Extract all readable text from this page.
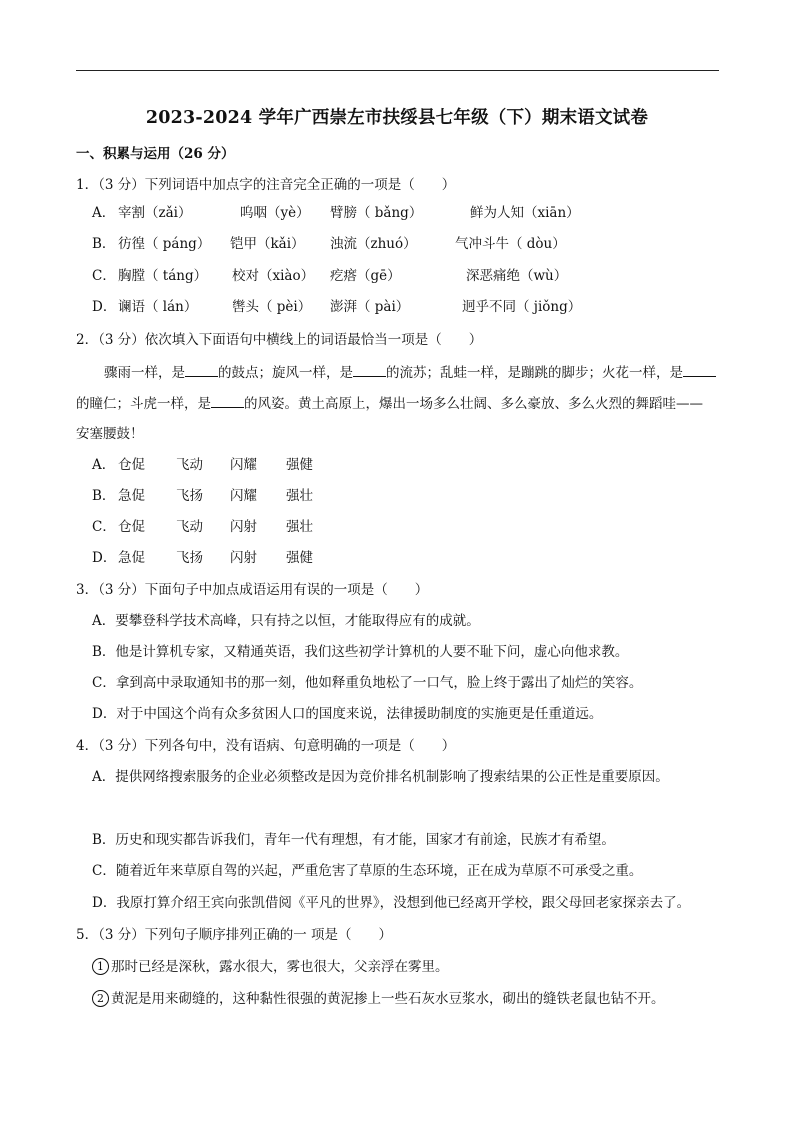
2023-2024 学年广西崇左市扶绥县七年级（下）期末语文试卷
一、积累与运用（26 分）
1．（3 分）下列词语中加点字的注音完全正确的一项是（　　）
A． 宰割（zǎi）	呜咽（yè） 臂膀（ bǎng）	鲜为人知（xiān）
B． 彷徨（ páng） 铠甲（kǎi） 浊流（zhuó）	气冲斗牛（ dòu）
C． 胸膛（ táng） 校对（xiào） 疙瘩（gē）	深恶痛绝（wù）
D． 谰语（ lán）	辔头（ pèi） 澎湃（ pài）	迥乎不同（ jiǒng）
2．（3 分）依次填入下面语句中横线上的词语最恰当一项是（　　）
骤雨一样，是 的鼓点；旋风一样，是 的流苏；乱蛙一样，是蹦跳的脚步；火花一样，是
的瞳仁；斗虎一样，是 的风姿。黄土高原上，爆出一场多么壮阔、多么豪放、多么火烈的舞蹈哇——
安塞腰鼓！
A． 仓促 飞动 闪耀 强健
B． 急促 飞扬 闪耀 强壮
C． 仓促 飞动 闪射 强壮
D． 急促 飞扬 闪射 强健
3．（3 分）下面句子中加点成语运用有误的一项是（　　）
A．要攀登科学技术高峰，只有持之以恒，才能取得应有的成就。
B．他是计算机专家，又精通英语，我们这些初学计算机的人要不耻下问，虚心向他求教。
C．拿到高中录取通知书的那一刻，他如释重负地松了一口气，脸上终于露出了灿烂的笑容。
D．对于中国这个尚有众多贫困人口的国度来说，法律援助制度的实施更是任重道远。
4．（3 分）下列各句中，没有语病、句意明确的一项是（　　）
A．提供网络搜索服务的企业必须整改是因为竞价排名机制影响了搜索结果的公正性是重要原因。
B．历史和现实都告诉我们，青年一代有理想，有才能，国家才有前途，民族才有希望。
C．随着近年来草原自驾的兴起，严重危害了草原的生态环境，正在成为草原不可承受之重。
D．我原打算介绍王宾向张凯借阅《平凡的世界》，没想到他已经离开学校，跟父母回老家探亲去了。
5．（3 分）下列句子顺序排列正确的一 项是（　　）
1 那时已经是深秋，露水很大，雾也很大，父亲浮在雾里。
2 黄泥是用来砌缝的，这种黏性很强的黄泥掺上一些石灰水豆浆水，砌出的缝铁老鼠也钻不开。
